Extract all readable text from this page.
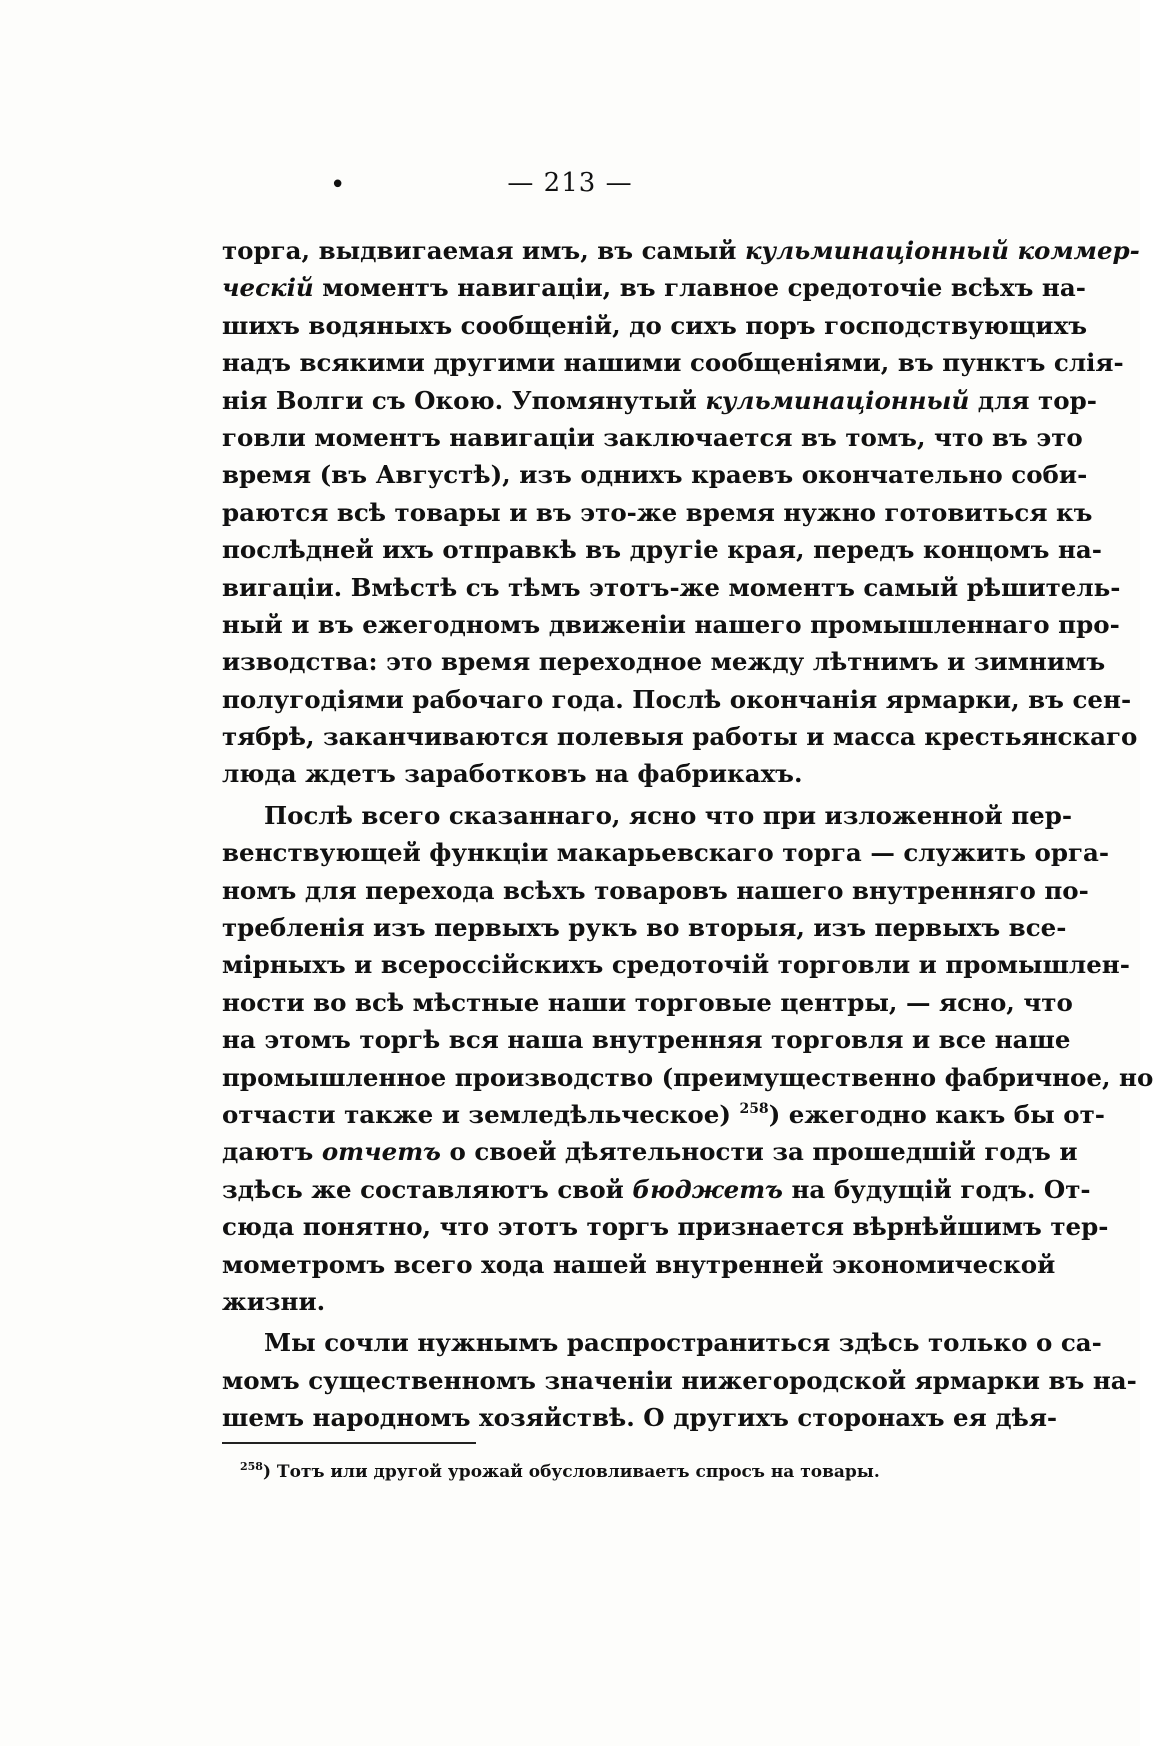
•	— 213 —
торга, выдвигаемая имъ, въ самый кульминаціонный коммер-
ческій моментъ навигаціи, въ главное средоточіе всѣхъ на-
шихъ водяныхъ сообщеній, до сихъ поръ господствующихъ
надъ всякими другими нашими сообщеніями, въ пунктъ слія-
нія Волги съ Окою. Упомянутый кульминаціонный для тор-
говли моментъ навигаціи заключается въ томъ, что въ это
время (въ Августѣ), изъ однихъ краевъ окончательно соби-
раются всѣ товары и въ это-же время нужно готовиться къ
послѣдней ихъ отправкѣ въ другіе края, передъ концомъ на-
вигаціи. Вмѣстѣ съ тѣмъ этотъ-же моментъ самый рѣшитель-
ный и въ ежегодномъ движеніи нашего промышленнаго про-
изводства: это время переходное между лѣтнимъ и зимнимъ
полугодіями рабочаго года. Послѣ окончанія ярмарки, въ сен-
тябрѣ, заканчиваются полевыя работы и масса крестьянскаго
люда ждетъ заработковъ на фабрикахъ.
Послѣ всего сказаннаго, ясно что при изложенной пер-
венствующей функціи макарьевскаго торга — служить орга-
номъ для перехода всѣхъ товаровъ нашего внутренняго по-
требленія изъ первыхъ рукъ во вторыя, изъ первыхъ все-
мірныхъ и всероссійскихъ средоточій торговли и промышлен-
ности во всѣ мѣстные наши торговые центры, — ясно, что
на этомъ торгѣ вся наша внутренняя торговля и все наше
промышленное производство (преимущественно фабричное, но
отчасти также и земледѣльческое) $^{258}$) ежегодно какъ бы от-
даютъ отчетъ о своей дѣятельности за прошедшій годъ и
здѣсь же составляютъ свой бюджетъ на будущій годъ. От-
сюда понятно, что этотъ торгъ признается вѣрнѣйшимъ тер-
мометромъ всего хода нашей внутренней экономической
жизни.
Мы сочли нужнымъ распространиться здѣсь только о са-
момъ существенномъ значеніи нижегородской ярмарки въ на-
шемъ народномъ хозяйствѣ. О другихъ сторонахъ ея дѣя-
$^{258}$) Тотъ или другой урожай обусловливаетъ спросъ на товары.
